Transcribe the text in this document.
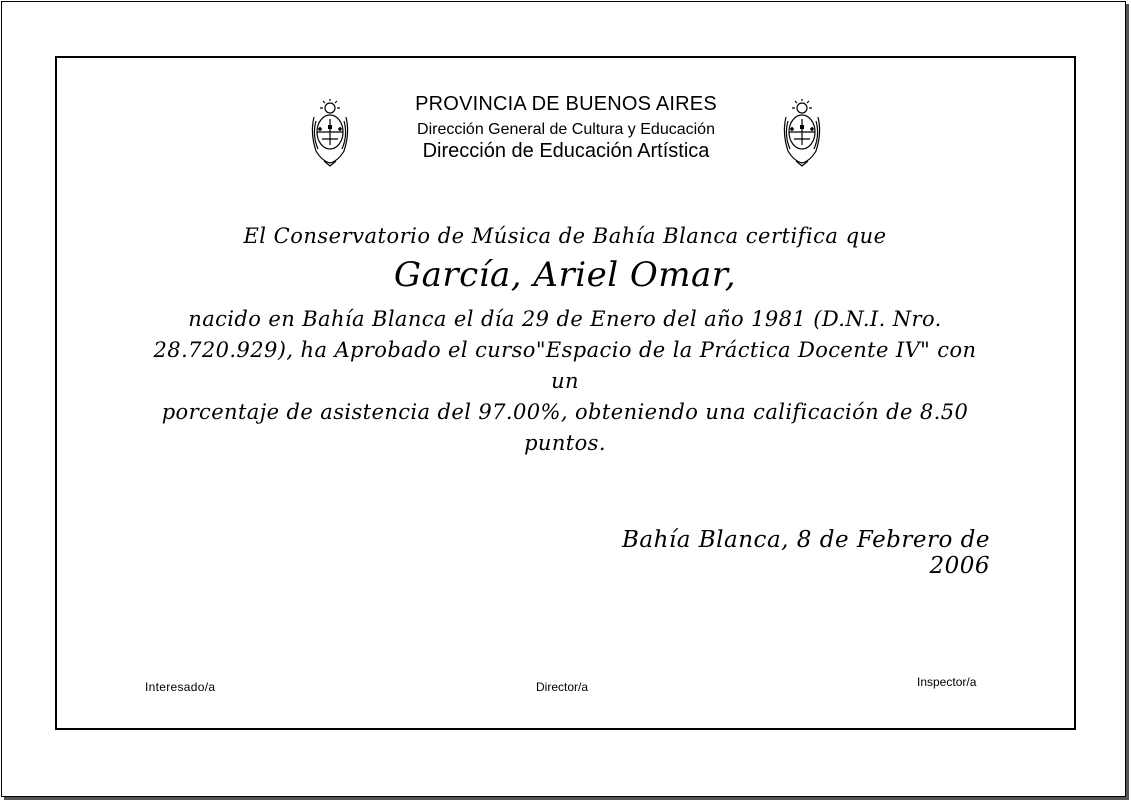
PROVINCIA DE BUENOS AIRES
Dirección General de Cultura y Educación
Dirección de Educación Artística
El Conservatorio de Música de Bahía Blanca certifica que
García, Ariel Omar,
nacido en Bahía Blanca el día 29 de Enero del año 1981 (D.N.I. Nro.
28.720.929), ha Aprobado el curso"Espacio de la Práctica Docente IV" con un
porcentaje de asistencia del 97.00%, obteniendo una calificación de 8.50 puntos.
Bahía Blanca, 8 de Febrero de 2006
Interesado/a	Director/a	Inspector/a
